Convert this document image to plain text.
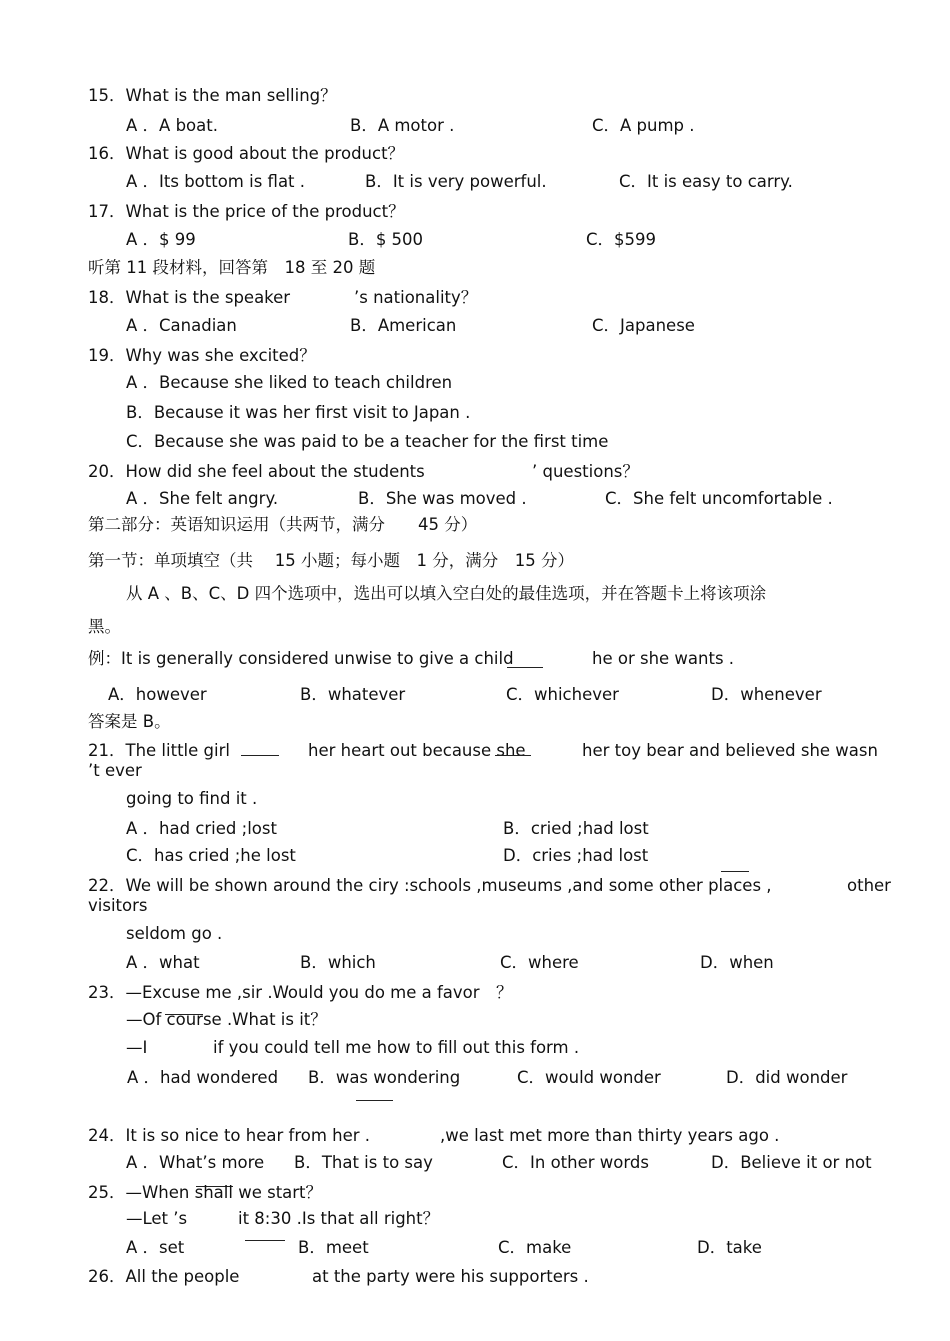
15．What is the man selling？
A ．A boat.	B．A motor .	C．A pump .
16．What is good about the product？
A ．Its bottom is flat .	B．It is very powerful.	C．It is easy to carry.
17．What is the price of the product？
A ．$ 99	B．$ 500	C．$599
听第 11 段材料，回答第　18 至 20 题
18．What is the speaker	’s nationality？
A ．Canadian	B．American	C．Japanese
19．Why was she excited？
A ．Because she liked to teach children
B．Because it was her first visit to Japan .
C．Because she was paid to be a teacher for the first time
20．How did she feel about the students	’ questions？
A ．She felt angry.	B．She was moved .	C．She felt uncomfortable .
第二部分：英语知识运用（共两节，满分　　45 分）
第一节：单项填空（共　 15 小题；每小题　1 分，满分　15 分）
从 A 、B、C、D 四个选项中，选出可以填入空白处的最佳选项，并在答题卡上将该项涂
黑。
例：It is generally considered unwise to give a child	he or she wants .
A．however	B．whatever	C．whichever	D．whenever
答案是 B。
21．The little girl	her heart out because she	her toy bear and believed she wasn
’t ever
going to find it .
A ．had cried ;lost	B．cried ;had lost
C．has cried ;he lost	D．cries ;had lost
22．We will be shown around the ciry :schools ,museums ,and some other places ,	other
visitors
seldom go .
A ．what	B．which	C．where	D．when
23．—Excuse me ,sir .Would you do me a favor　？
—Of course .What is it？
—I	if you could tell me how to fill out this form .
A ．had wondered B．was wondering	C．would wonder	D．did wonder
24．It is so nice to hear from her .	,we last met more than thirty years ago .
A ．What’s more B．That is to say	C．In other words	D．Believe it or not
25．—When shall we start？
—Let ’s	it 8:30 .Is that all right？
A ．set	B．meet	C．make	D．take
26．All the people	at the party were his supporters .
